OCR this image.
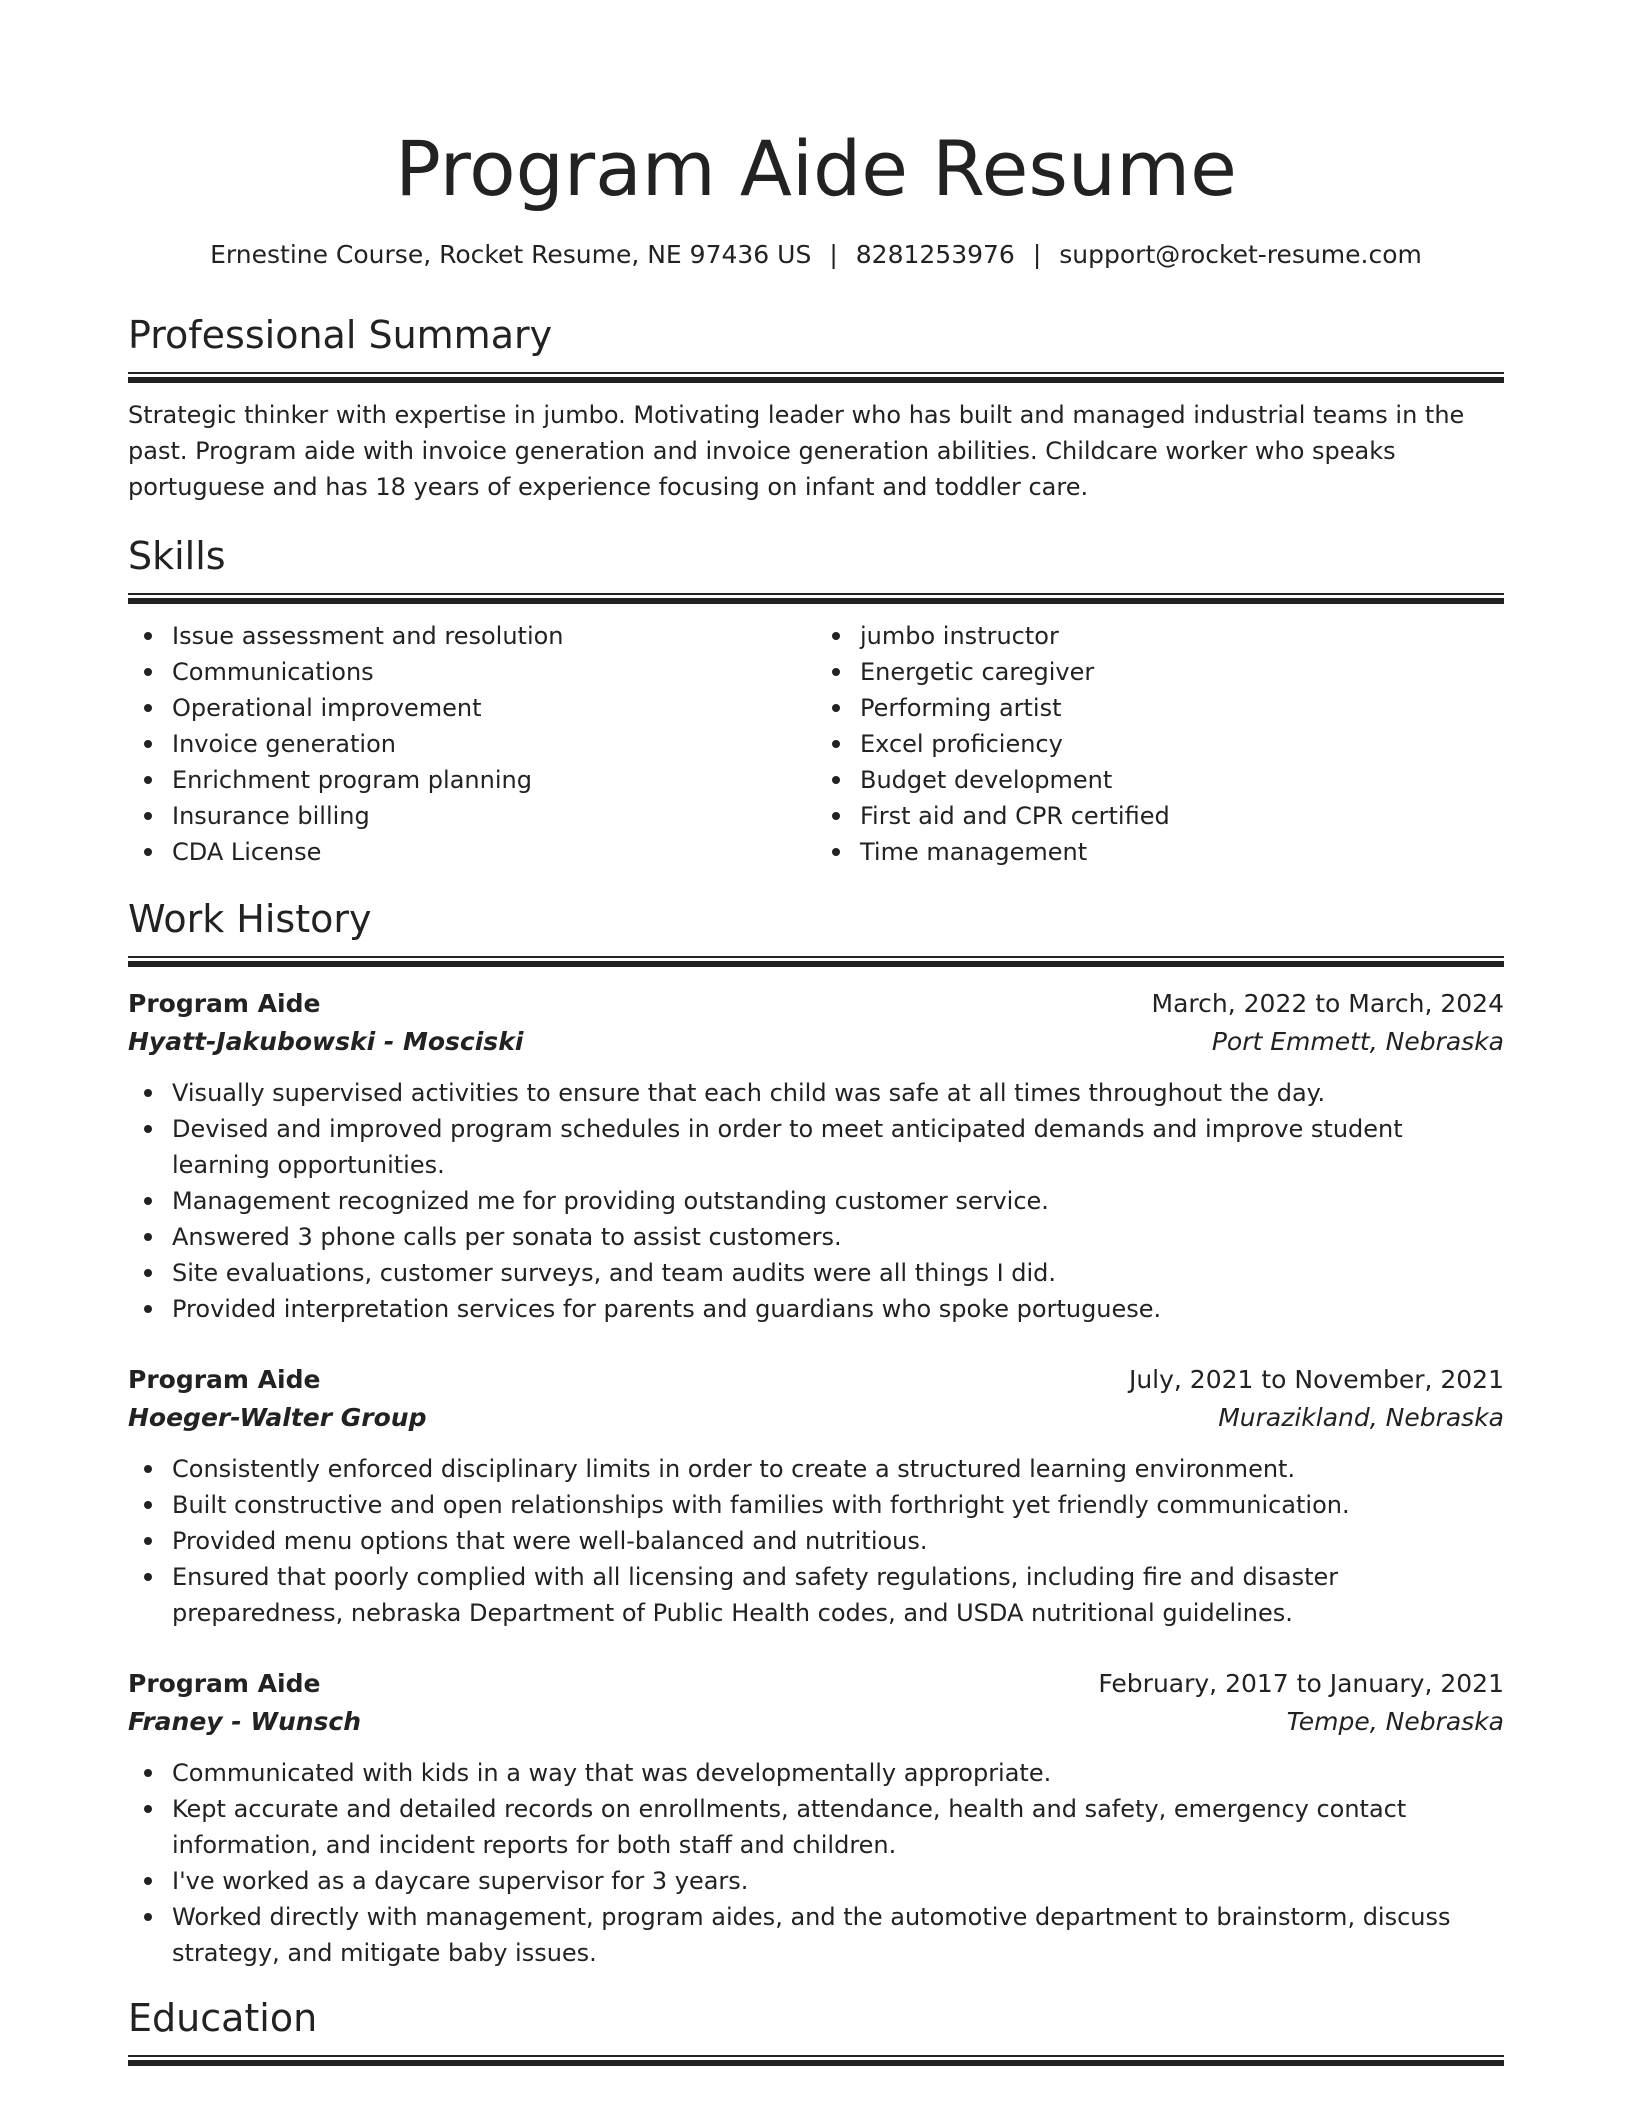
Program Aide Resume
Ernestine Course, Rocket Resume, NE 97436 US | 8281253976 | support@rocket-resume.com
Professional Summary

Strategic thinker with expertise in jumbo. Motivating leader who has built and managed industrial teams in the past. Program aide with invoice generation and invoice generation abilities. Childcare worker who speaks portuguese and has 18 years of experience focusing on infant and toddler care.

Skills
Issue assessment and resolution
Communications
Operational improvement
Invoice generation
Enrichment program planning
Insurance billing
CDA License
jumbo instructor
Energetic caregiver
Performing artist
Excel proficiency
Budget development
First aid and CPR certified
Time management
Work History
Program Aide	March, 2022 to March, 2024
Hyatt-Jakubowski - Mosciski	Port Emmett, Nebraska
Visually supervised activities to ensure that each child was safe at all times throughout the day.
Devised and improved program schedules in order to meet anticipated demands and improve student learning opportunities.
Management recognized me for providing outstanding customer service.
Answered 3 phone calls per sonata to assist customers.
Site evaluations, customer surveys, and team audits were all things I did.
Provided interpretation services for parents and guardians who spoke portuguese.
Program Aide	July, 2021 to November, 2021
Hoeger-Walter Group	Murazikland, Nebraska
Consistently enforced disciplinary limits in order to create a structured learning environment.
Built constructive and open relationships with families with forthright yet friendly communication.
Provided menu options that were well-balanced and nutritious.
Ensured that poorly complied with all licensing and safety regulations, including fire and disaster preparedness, nebraska Department of Public Health codes, and USDA nutritional guidelines.
Program Aide	February, 2017 to January, 2021
Franey - Wunsch	Tempe, Nebraska
Communicated with kids in a way that was developmentally appropriate.
Kept accurate and detailed records on enrollments, attendance, health and safety, emergency contact information, and incident reports for both staff and children.
I've worked as a daycare supervisor for 3 years.
Worked directly with management, program aides, and the automotive department to brainstorm, discuss strategy, and mitigate baby issues.
Education
